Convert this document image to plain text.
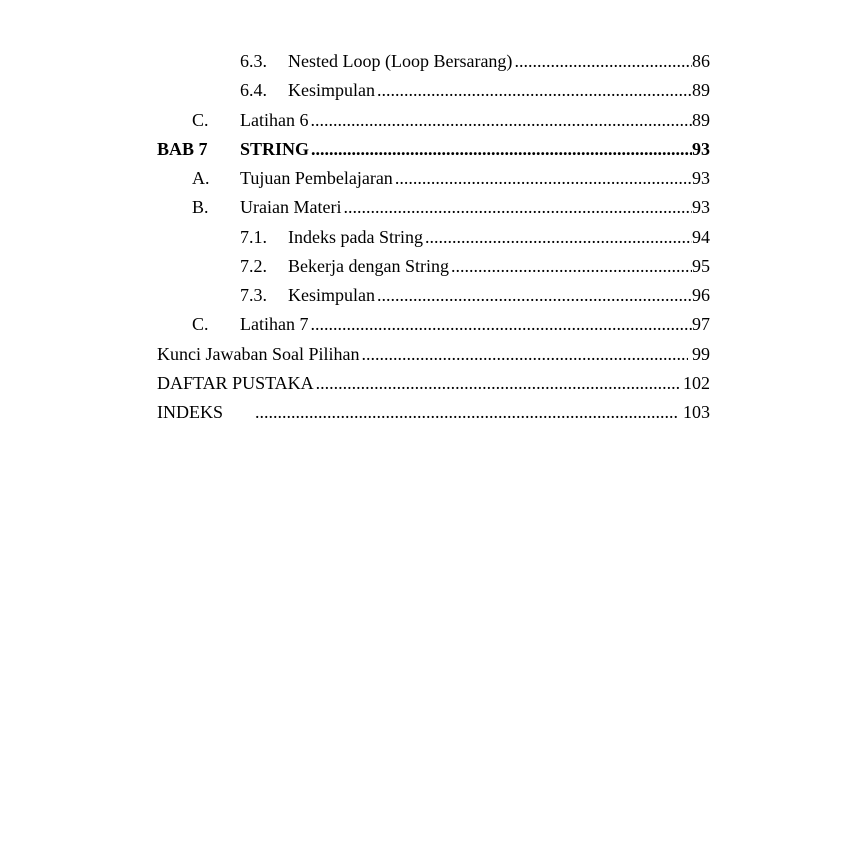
6.3.	Nested Loop (Loop Bersarang) .....	86
6.4.	Kesimpulan .....	89
C.	Latihan 6 .....	89
BAB 7	STRING .....	93
A.	Tujuan Pembelajaran .....	93
B.	Uraian Materi .....	93
7.1.	Indeks pada String .....	94
7.2.	Bekerja dengan String .....	95
7.3.	Kesimpulan .....	96
C.	Latihan 7 .....	97
Kunci Jawaban Soal Pilihan .....	99
DAFTAR PUSTAKA .....	102
INDEKS .....	103
